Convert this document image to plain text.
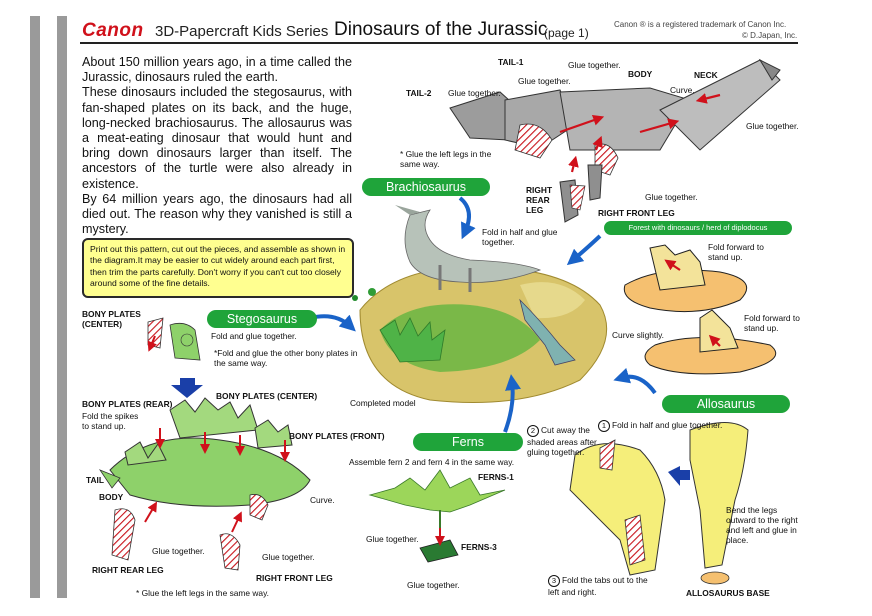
Canon 3D-Papercraft Kids Series Dinosaurs of the Jurassic
(page 1)
Canon ® is a registered trademark of Canon Inc.
© D.Japan, Inc.

About 150 million years ago, in a time called the Jurassic, dinosaurs ruled the earth.

These dinosaurs included the stegosaurus, with fan-shaped plates on its back, and the huge, long-necked brachiosaurus. The allosaurus was a meat-eating dinosaur that would hunt and bring down dinosaurs larger than itself. The ancestors of the turtle were also already in existence.

By 64 million years ago, the dinosaurs had all died out. The reason why they vanished is still a mystery.

Print out this pattern, cut out the pieces, and assemble as shown in the diagram.It may be easier to cut widely around each part first, then trim the parts carefully. Don't worry if you can't cut too closely around some of the fine details.
Brachiosaurus
Forest with dinosaurs / herd of diplodocus
Stegosaurus
Allosaurus
Ferns
TAIL-1
TAIL-2
BODY	NECK
Glue together.
Glue together.
Glue together.
Curve.
Glue together.
Glue together.
* Glue the left legs in the same way.
RIGHT REAR LEG	RIGHT FRONT LEG
Fold in half and glue together.	Fold forward to stand up.
Fold forward to stand up.
Curve slightly.
Completed model
BONY PLATES (CENTER)
Fold and glue together.
*Fold and glue the other bony plates in the same way.
BONY PLATES (REAR)
Fold the spikes to stand up.
BONY PLATES (CENTER)
BONY PLATES (FRONT)
TAIL
BODY	Curve.
Glue together.
Glue together.
RIGHT REAR LEG
RIGHT FRONT LEG
* Glue the left legs in the same way.
Assemble fern 2 and fern 4 in the same way.
FERNS-1
FERNS-3
Glue together.
Glue together.
1 Fold in half and glue together.
2 Cut away the shaded areas after gluing together.
3 Fold the tabs out to the left and right.
Bend the legs outward to the right and left and glue in place.
ALLOSAURUS BASE
